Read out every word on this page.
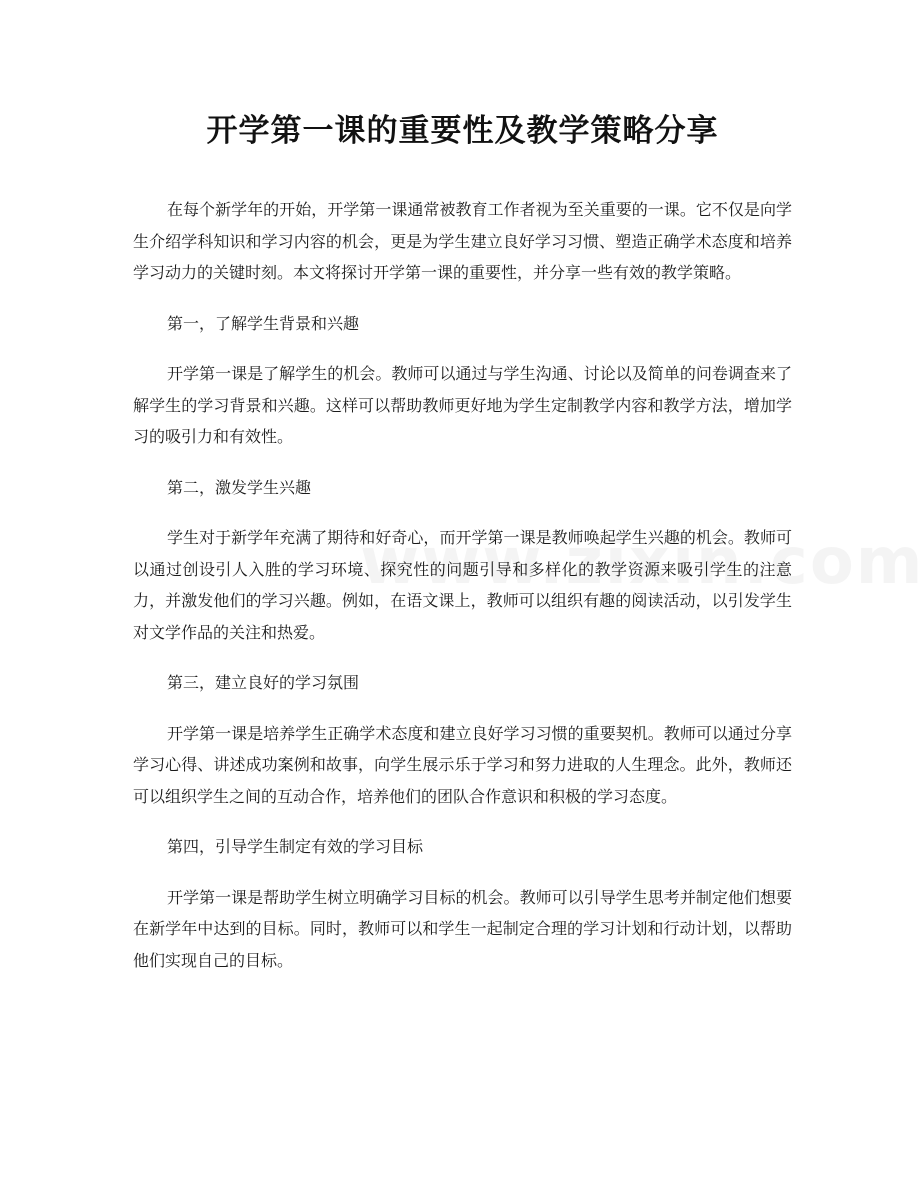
开学第一课的重要性及教学策略分享

在每个新学年的开始，开学第一课通常被教育工作者视为至关重要的一课。它不仅是向学生介绍学科知识和学习内容的机会，更是为学生建立良好学习习惯、塑造正确学术态度和培养学习动力的关键时刻。本文将探讨开学第一课的重要性，并分享一些有效的教学策略。

第一，了解学生背景和兴趣

开学第一课是了解学生的机会。教师可以通过与学生沟通、讨论以及简单的问卷调查来了解学生的学习背景和兴趣。这样可以帮助教师更好地为学生定制教学内容和教学方法，增加学习的吸引力和有效性。

第二，激发学生兴趣

学生对于新学年充满了期待和好奇心，而开学第一课是教师唤起学生兴趣的机会。教师可以通过创设引人入胜的学习环境、探究性的问题引导和多样化的教学资源来吸引学生的注意力，并激发他们的学习兴趣。例如，在语文课上，教师可以组织有趣的阅读活动，以引发学生对文学作品的关注和热爱。

第三，建立良好的学习氛围

开学第一课是培养学生正确学术态度和建立良好学习习惯的重要契机。教师可以通过分享学习心得、讲述成功案例和故事，向学生展示乐于学习和努力进取的人生理念。此外，教师还可以组织学生之间的互动合作，培养他们的团队合作意识和积极的学习态度。

第四，引导学生制定有效的学习目标

开学第一课是帮助学生树立明确学习目标的机会。教师可以引导学生思考并制定他们想要在新学年中达到的目标。同时，教师可以和学生一起制定合理的学习计划和行动计划，以帮助他们实现自己的目标。
